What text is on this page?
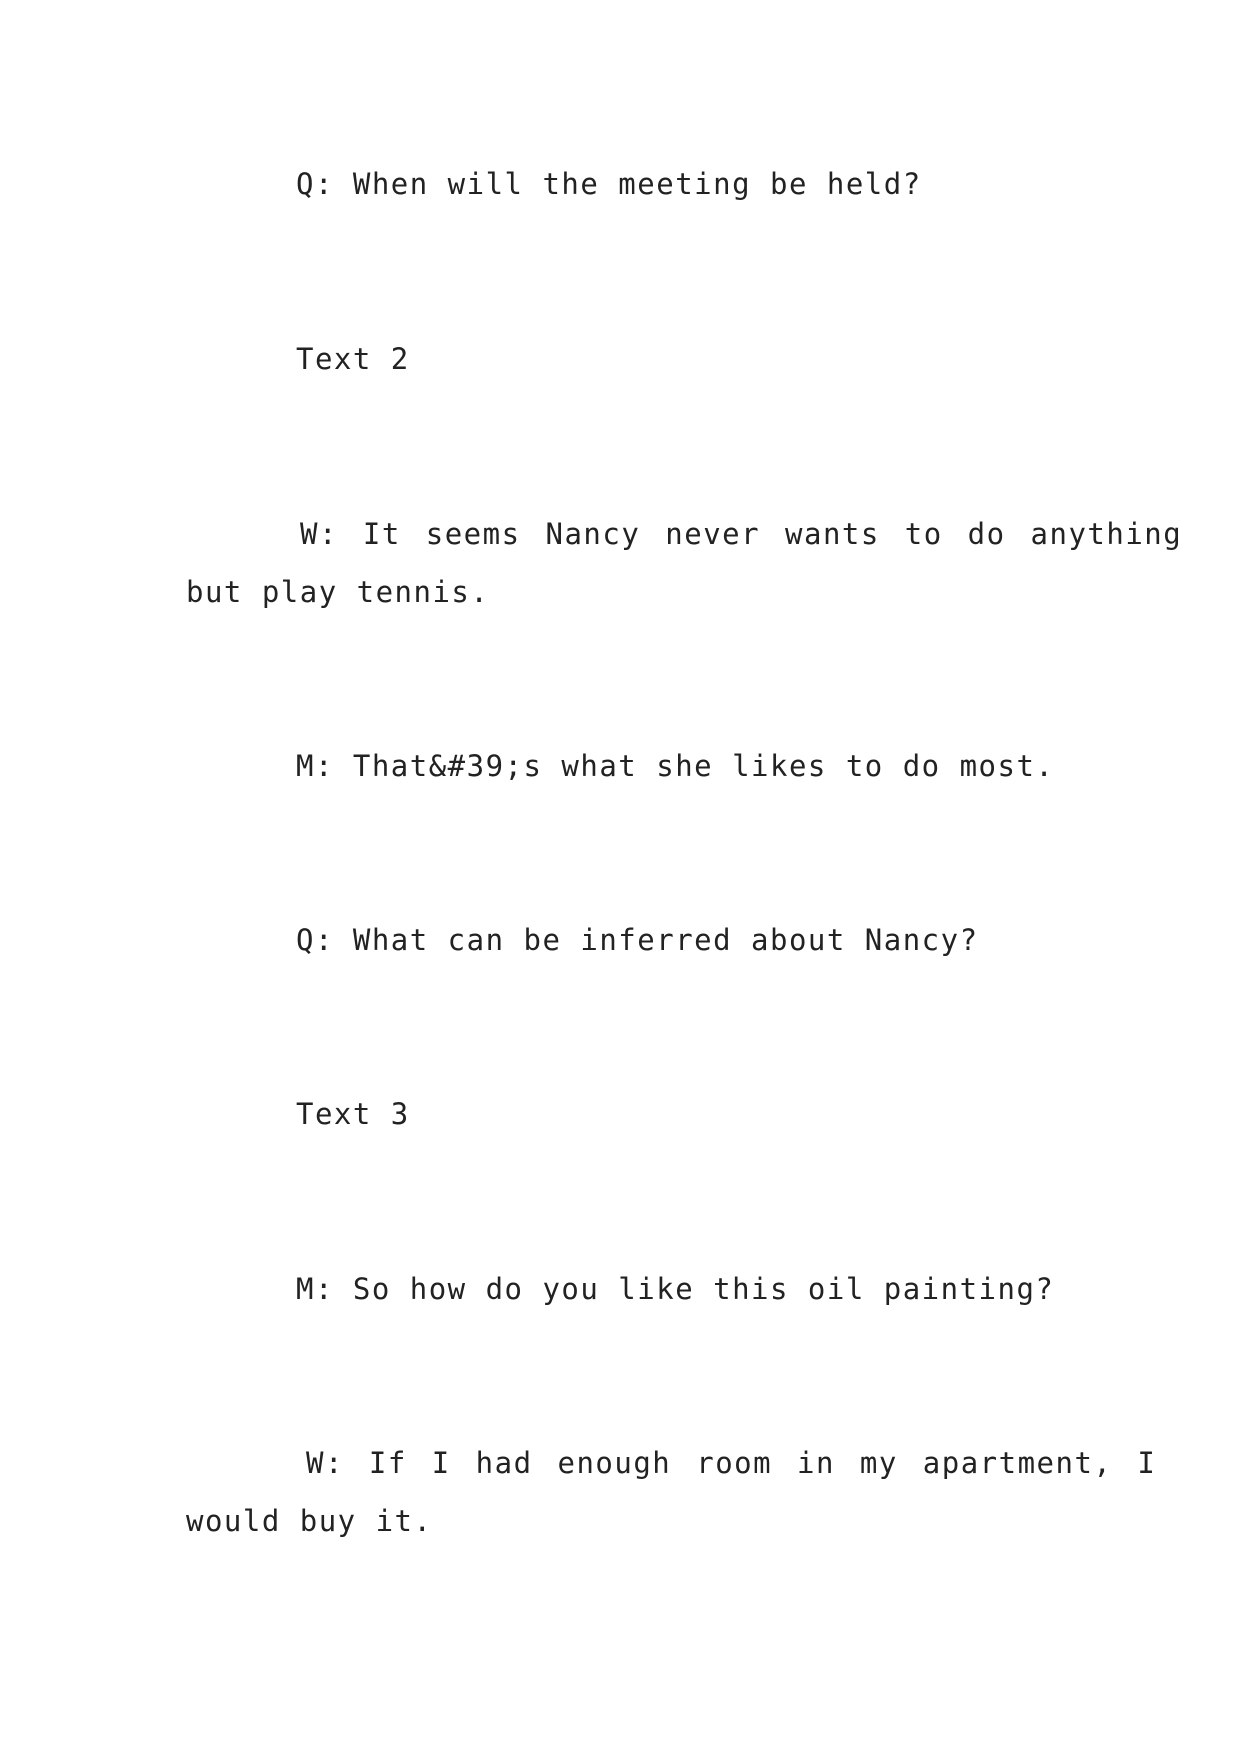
Q: When will the meeting be held?

Text 2

W: It seems Nancy never wants to do anything

but play tennis.

M: That&#39;s what she likes to do most.

Q: What can be inferred about Nancy?

Text 3

M: So how do you like this oil painting?

W: If I had enough room in my apartment, I

would buy it.
